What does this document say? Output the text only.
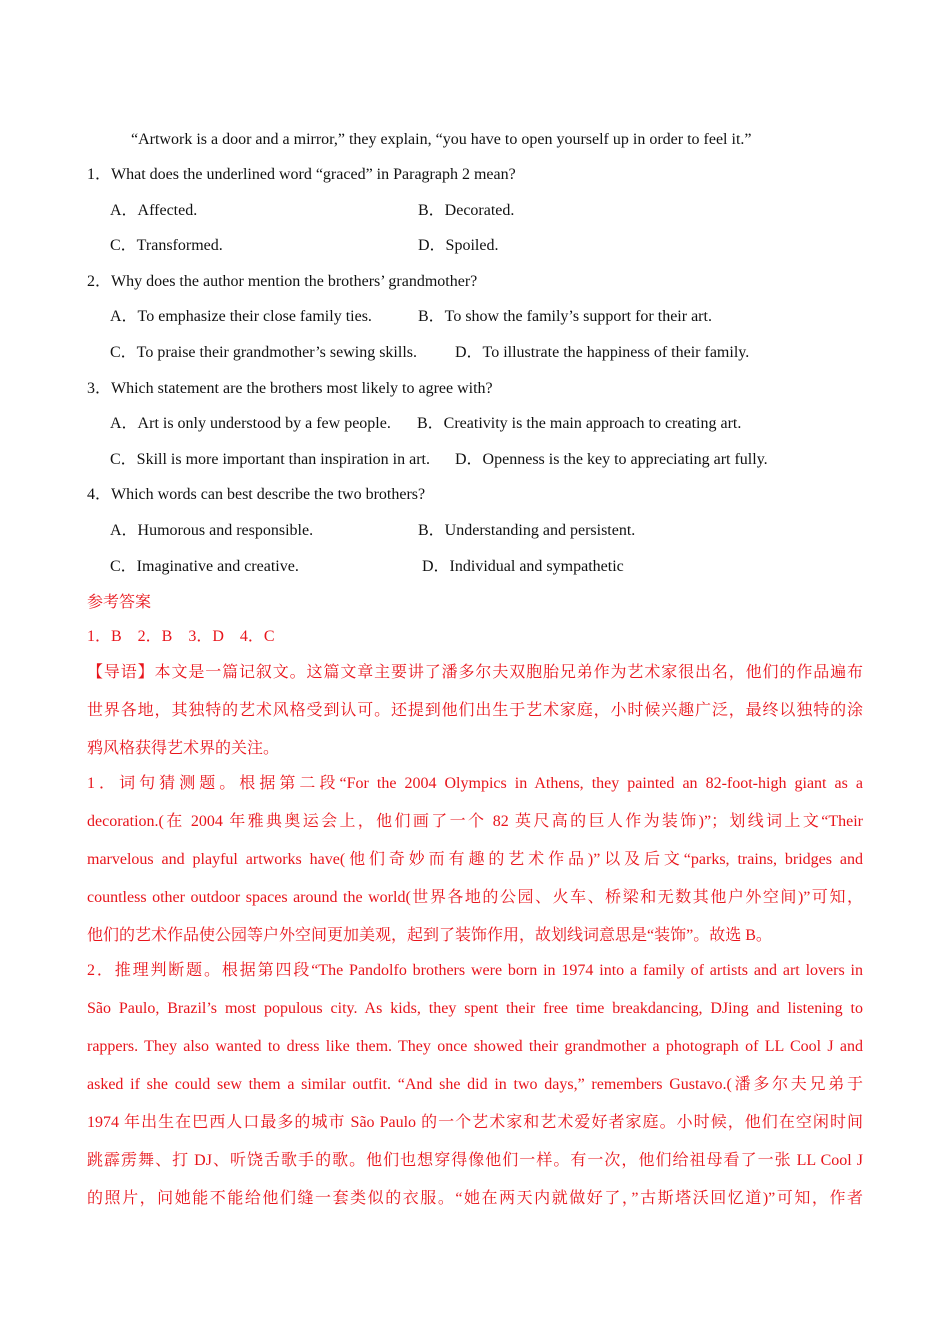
“Artwork is a door and a mirror,” they explain, “you have to open yourself up in order to feel it.”
1．What does the underlined word “graced” in Paragraph 2 mean?
A．Affected.	B．Decorated.
C．Transformed.	D．Spoiled.
2．Why does the author mention the brothers’ grandmother?
A．To emphasize their close family ties.	B．To show the family’s support for their art.
C．To praise their grandmother’s sewing skills. D．To illustrate the happiness of their family.
3．Which statement are the brothers most likely to agree with?
A．Art is only understood by a few people. B．Creativity is the main approach to creating art.
C．Skill is more important than inspiration in art. D．Openness is the key to appreciating art fully.
4．Which words can best describe the two brothers?
A．Humorous and responsible.	B．Understanding and persistent.
C．Imaginative and creative.	D．Individual and sympathetic
参考答案
1．B　2．B　3．D　4．C
【导语】本文是一篇记叙文。这篇文章主要讲了潘多尔夫双胞胎兄弟作为艺术家很出名，他们的作品遍布
世界各地，其独特的艺术风格受到认可。还提到他们出生于艺术家庭，小时候兴趣广泛，最终以独特的涂
鸦风格获得艺术界的关注。
1．词句猜测题。根据第二段“For the 2004 Olympics in Athens, they painted an 82-foot-high giant as a
decoration.(在 2004 年雅典奥运会上，他们画了一个 82 英尺高的巨人作为装饰)”；划线词上文“Their
marvelous and playful artworks have(他们奇妙而有趣的艺术作品)”以及后文“parks, trains, bridges and
countless other outdoor spaces around the world(世界各地的公园、火车、桥梁和无数其他户外空间)”可知，
他们的艺术作品使公园等户外空间更加美观，起到了装饰作用，故划线词意思是“装饰”。故选 B。
2．推理判断题。根据第四段“The Pandolfo brothers were born in 1974 into a family of artists and art lovers in
São Paulo, Brazil’s most populous city. As kids, they spent their free time breakdancing, DJing and listening to
rappers. They also wanted to dress like them. They once showed their grandmother a photograph of LL Cool J and
asked if she could sew them a similar outfit. “And she did in two days,” remembers Gustavo.(潘多尔夫兄弟于
1974 年出生在巴西人口最多的城市 São Paulo 的一个艺术家和艺术爱好者家庭。小时候，他们在空闲时间
跳霹雳舞、打 DJ、听饶舌歌手的歌。他们也想穿得像他们一样。有一次，他们给祖母看了一张 LL Cool J
的照片，问她能不能给他们缝一套类似的衣服。“她在两天内就做好了，”古斯塔沃回忆道)”可知，作者
